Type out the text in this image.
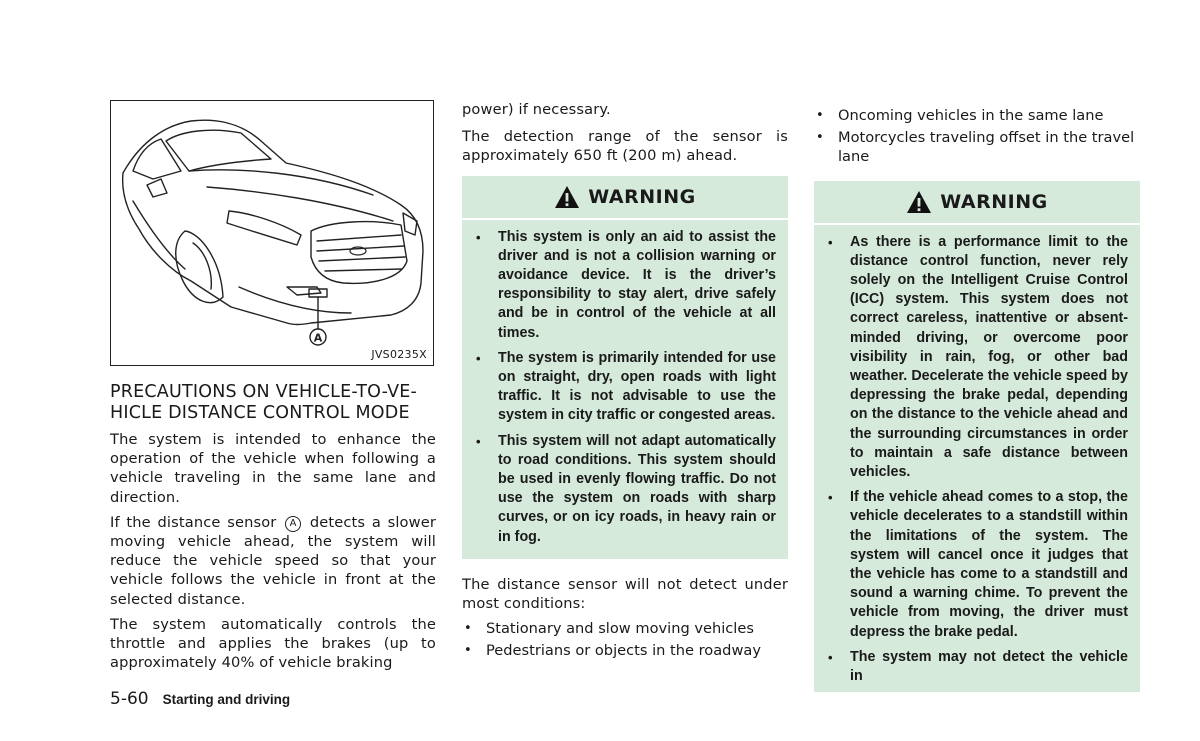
A
JVS0235X
PRECAUTIONS ON VEHICLE-TO-VE-
HICLE DISTANCE CONTROL MODE

The system is intended to enhance the operation of the vehicle when following a vehicle traveling in the same lane and direction.

If the distance sensor A detects a slower moving vehicle ahead, the system will reduce the vehicle speed so that your vehicle follows the vehicle in front at the selected distance.

The system automatically controls the throttle and applies the brakes (up to approximately 40% of vehicle braking

power) if necessary.

The detection range of the sensor is approximately 650 ft (200 m) ahead.

WARNING
• This system is only an aid to assist the driver and is not a collision warning or avoidance device. It is the driver’s responsibility to stay alert, drive safely and be in control of the vehicle at all times.
• The system is primarily intended for use on straight, dry, open roads with light traffic. It is not advisable to use the system in city traffic or congested areas.
• This system will not adapt automatically to road conditions. This system should be used in evenly flowing traffic. Do not use the system on roads with sharp curves, or on icy roads, in heavy rain or in fog.

The distance sensor will not detect under most conditions:

• Stationary and slow moving vehicles
• Pedestrians or objects in the roadway
• Oncoming vehicles in the same lane
• Motorcycles traveling offset in the travel lane
WARNING
• As there is a performance limit to the distance control function, never rely solely on the Intelligent Cruise Control (ICC) system. This system does not correct careless, inattentive or absent-minded driving, or overcome poor visibility in rain, fog, or other bad weather. Decelerate the vehicle speed by depressing the brake pedal, depending on the distance to the vehicle ahead and the surrounding circumstances in order to maintain a safe distance between vehicles.
• If the vehicle ahead comes to a stop, the vehicle decelerates to a standstill within the limitations of the system. The system will cancel once it judges that the vehicle has come to a standstill and sound a warning chime. To prevent the vehicle from moving, the driver must depress the brake pedal.
• The system may not detect the vehicle in
5-60 Starting and driving
